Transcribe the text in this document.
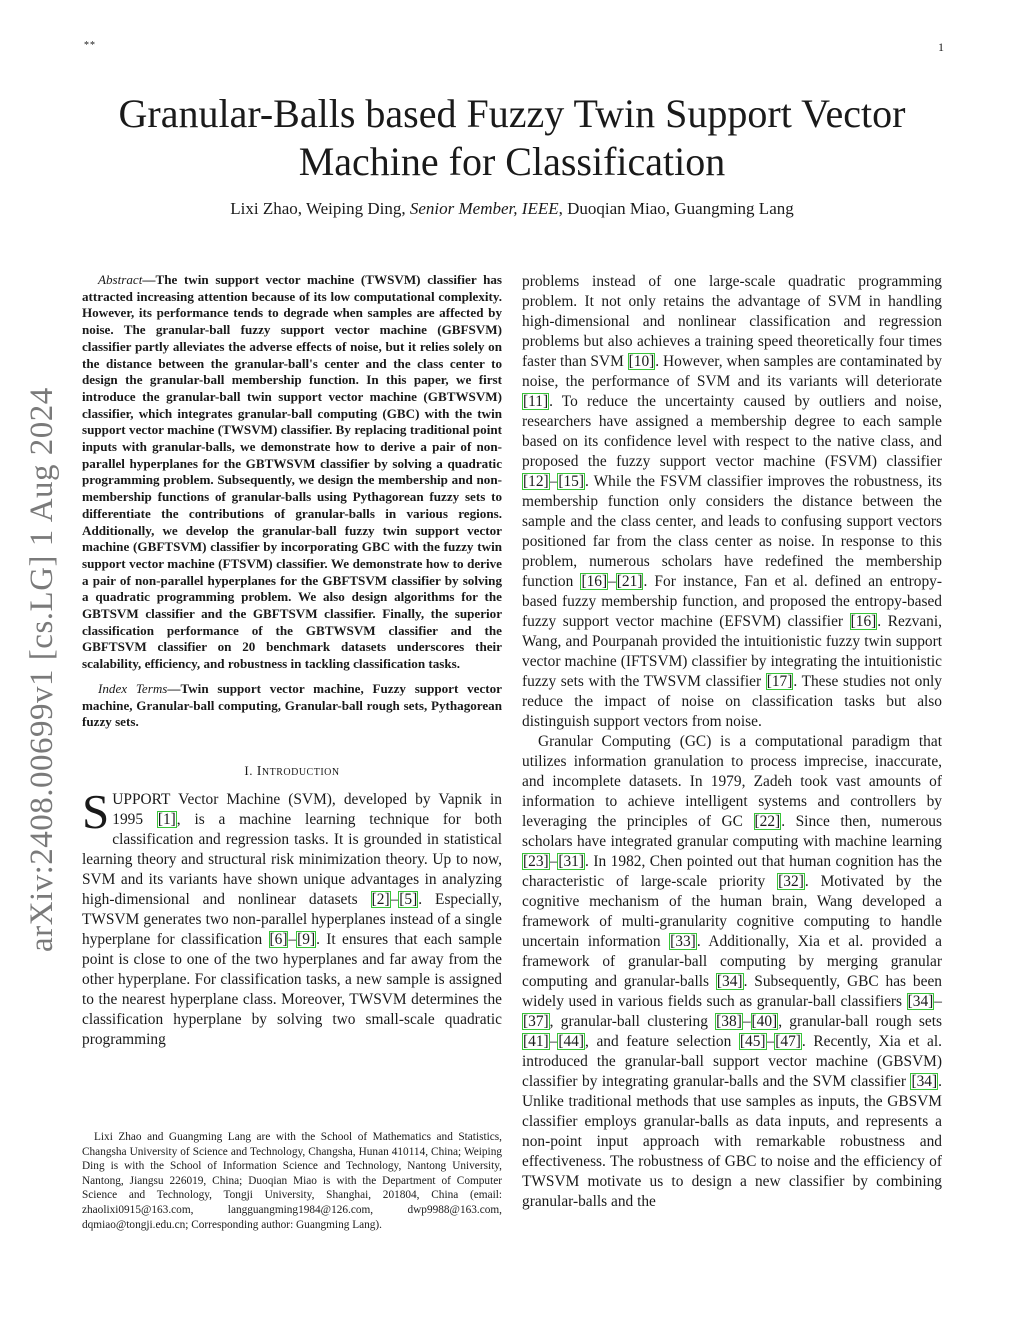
**	1
arXiv:2408.00699v1 [cs.LG] 1 Aug 2024
Granular-Balls based Fuzzy Twin Support Vector Machine for Classification
Lixi Zhao, Weiping Ding, Senior Member, IEEE, Duoqian Miao, Guangming Lang

Abstract—The twin support vector machine (TWSVM) classifier has attracted increasing attention because of its low computational complexity. However, its performance tends to degrade when samples are affected by noise. The granular-ball fuzzy support vector machine (GBFSVM) classifier partly alleviates the adverse effects of noise, but it relies solely on the distance between the granular-ball's center and the class center to design the granular-ball membership function. In this paper, we first introduce the granular-ball twin support vector machine (GBTWSVM) classifier, which integrates granular-ball computing (GBC) with the twin support vector machine (TWSVM) classifier. By replacing traditional point inputs with granular-balls, we demonstrate how to derive a pair of non-parallel hyperplanes for the GBTWSVM classifier by solving a quadratic programming problem. Subsequently, we design the membership and non-membership functions of granular-balls using Pythagorean fuzzy sets to differentiate the contributions of granular-balls in various regions. Additionally, we develop the granular-ball fuzzy twin support vector machine (GBFTSVM) classifier by incorporating GBC with the fuzzy twin support vector machine (FTSVM) classifier. We demonstrate how to derive a pair of non-parallel hyperplanes for the GBFTSVM classifier by solving a quadratic programming problem. We also design algorithms for the GBTSVM classifier and the GBFTSVM classifier. Finally, the superior classification performance of the GBTWSVM classifier and the GBFTSVM classifier on 20 benchmark datasets underscores their scalability, efficiency, and robustness in tackling classification tasks.

Index Terms—Twin support vector machine, Fuzzy support vector machine, Granular-ball computing, Granular-ball rough sets, Pythagorean fuzzy sets.

I. Introduction

SUPPORT Vector Machine (SVM), developed by Vapnik in 1995 [1], is a machine learning technique for both classification and regression tasks. It is grounded in statistical learning theory and structural risk minimization theory. Up to now, SVM and its variants have shown unique advantages in analyzing high-dimensional and nonlinear datasets [2]–[5]. Especially, TWSVM generates two non-parallel hyperplanes instead of a single hyperplane for classification [6]–[9]. It ensures that each sample point is close to one of the two hyperplanes and far away from the other hyperplane. For classification tasks, a new sample is assigned to the nearest hyperplane class. Moreover, TWSVM determines the classification hyperplane by solving two small-scale quadratic programming

Lixi Zhao and Guangming Lang are with the School of Mathematics and Statistics, Changsha University of Science and Technology, Changsha, Hunan 410114, China; Weiping Ding is with the School of Information Science and Technology, Nantong University, Nantong, Jiangsu 226019, China; Duoqian Miao is with the Department of Computer Science and Technology, Tongji University, Shanghai, 201804, China (email: zhaolixi0915@163.com, langguangming1984@126.com, dwp9988@163.com, dqmiao@tongji.edu.cn; Corresponding author: Guangming Lang).

problems instead of one large-scale quadratic programming problem. It not only retains the advantage of SVM in handling high-dimensional and nonlinear classification and regression problems but also achieves a training speed theoretically four times faster than SVM [10]. However, when samples are contaminated by noise, the performance of SVM and its variants will deteriorate [11]. To reduce the uncertainty caused by outliers and noise, researchers have assigned a membership degree to each sample based on its confidence level with respect to the native class, and proposed the fuzzy support vector machine (FSVM) classifier [12]–[15]. While the FSVM classifier improves the robustness, its membership function only considers the distance between the sample and the class center, and leads to confusing support vectors positioned far from the class center as noise. In response to this problem, numerous scholars have redefined the membership function [16]–[21]. For instance, Fan et al. defined an entropy-based fuzzy membership function, and proposed the entropy-based fuzzy support vector machine (EFSVM) classifier [16]. Rezvani, Wang, and Pourpanah provided the intuitionistic fuzzy twin support vector machine (IFTSVM) classifier by integrating the intuitionistic fuzzy sets with the TWSVM classifier [17]. These studies not only reduce the impact of noise on classification tasks but also distinguish support vectors from noise.

Granular Computing (GC) is a computational paradigm that utilizes information granulation to process imprecise, inaccurate, and incomplete datasets. In 1979, Zadeh took vast amounts of information to achieve intelligent systems and controllers by leveraging the principles of GC [22]. Since then, numerous scholars have integrated granular computing with machine learning [23]–[31]. In 1982, Chen pointed out that human cognition has the characteristic of large-scale priority [32]. Motivated by the cognitive mechanism of the human brain, Wang developed a framework of multi-granularity cognitive computing to handle uncertain information [33]. Additionally, Xia et al. provided a framework of granular-ball computing by merging granular computing and granular-balls [34]. Subsequently, GBC has been widely used in various fields such as granular-ball classifiers [34]–[37], granular-ball clustering [38]–[40], granular-ball rough sets [41]–[44], and feature selection [45]–[47]. Recently, Xia et al. introduced the granular-ball support vector machine (GBSVM) classifier by integrating granular-balls and the SVM classifier [34]. Unlike traditional methods that use samples as inputs, the GBSVM classifier employs granular-balls as data inputs, and represents a non-point input approach with remarkable robustness and effectiveness. The robustness of GBC to noise and the efficiency of TWSVM motivate us to design a new classifier by combining granular-balls and the
